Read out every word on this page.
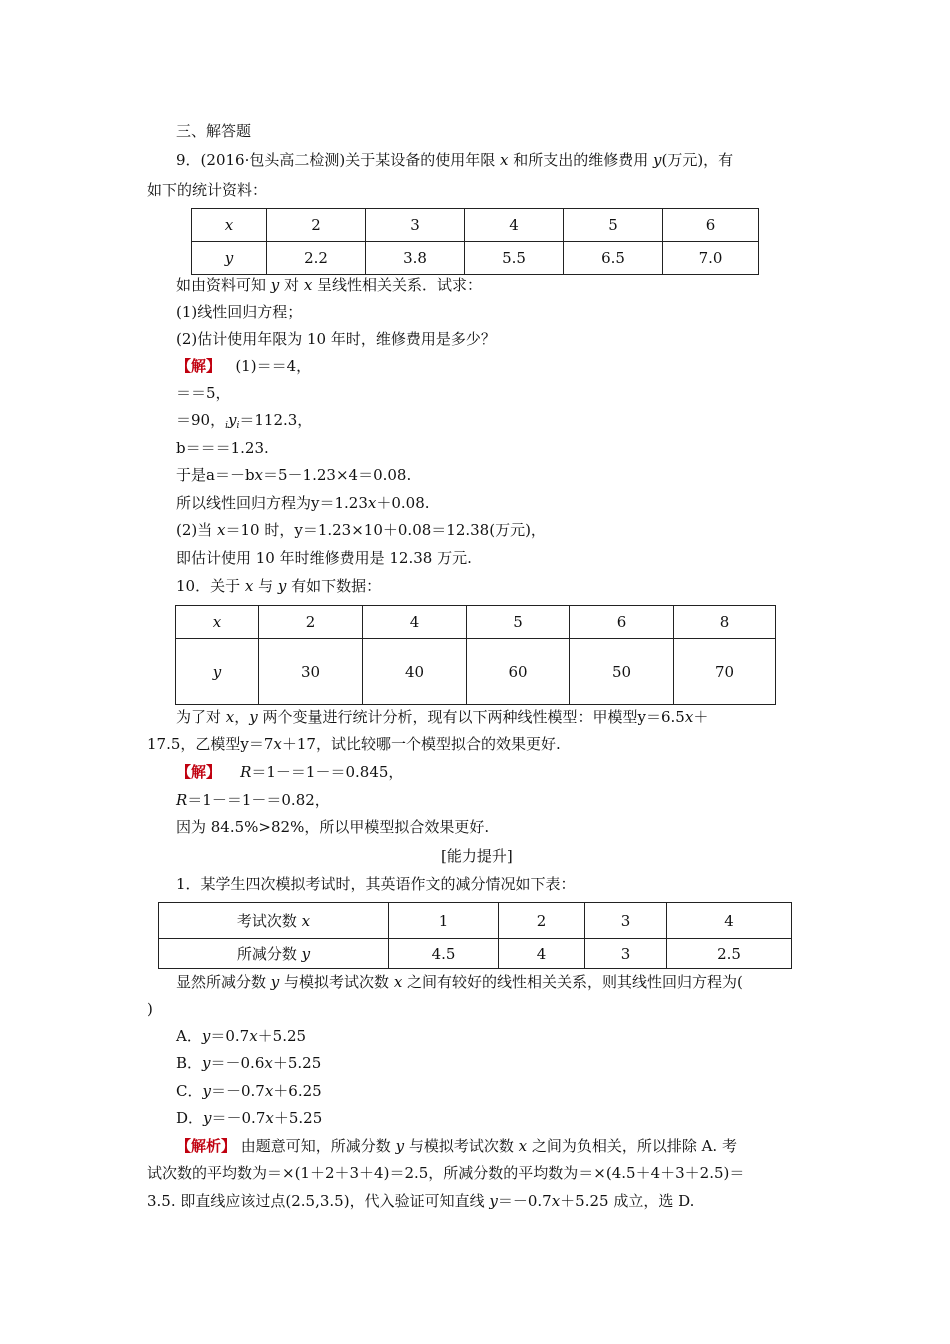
三、解答题
9．(2016·包头高二检测)关于某设备的使用年限 x 和所支出的维修费用 y(万元)，有
如下的统计资料：
x	2	3	4	5	6
y	2.2	3.8	5.5	6.5	7.0
如由资料可知 y 对 x 呈线性相关关系．试求：
(1)线性回归方程；
(2)估计使用年限为 10 年时，维修费用是多少？
【解】 (1)＝＝4，
＝＝5，
＝90，$_iy_i=112.3$，
b＝＝＝1.23.
于是a＝－bx＝5－1.23×4＝0.08.
所以线性回归方程为y＝1.23x＋0.08.
(2)当 x＝10 时，y＝1.23×10＋0.08＝12.38(万元)，
即估计使用 10 年时维修费用是 12.38 万元.
10．关于 x 与 y 有如下数据：
x	2	4	5	6	8
y	30	40	60	50	70
为了对 x，y 两个变量进行统计分析，现有以下两种线性模型：甲模型y＝6.5x＋
17.5，乙模型y＝7x＋17，试比较哪一个模型拟合的效果更好.
【解】 R＝1－＝1－＝0.845，
R＝1－＝1－＝0.82，
因为 84.5%>82%，所以甲模型拟合效果更好.
[能力提升]
1．某学生四次模拟考试时，其英语作文的减分情况如下表：
考试次数 x	1	2	3	4
所减分数 y	4.5	4	3	2.5
显然所减分数 y 与模拟考试次数 x 之间有较好的线性相关关系，则其线性回归方程为(
)
A．y＝0.7x＋5.25
B．y＝－0.6x＋5.25
C．y＝－0.7x＋6.25
D．y＝－0.7x＋5.25
【解析】 由题意可知，所减分数 y 与模拟考试次数 x 之间为负相关，所以排除 A. 考
试次数的平均数为＝×(1＋2＋3＋4)＝2.5，所减分数的平均数为＝×(4.5＋4＋3＋2.5)＝
3.5. 即直线应该过点(2.5,3.5)，代入验证可知直线 y＝－0.7x＋5.25 成立，选 D.
